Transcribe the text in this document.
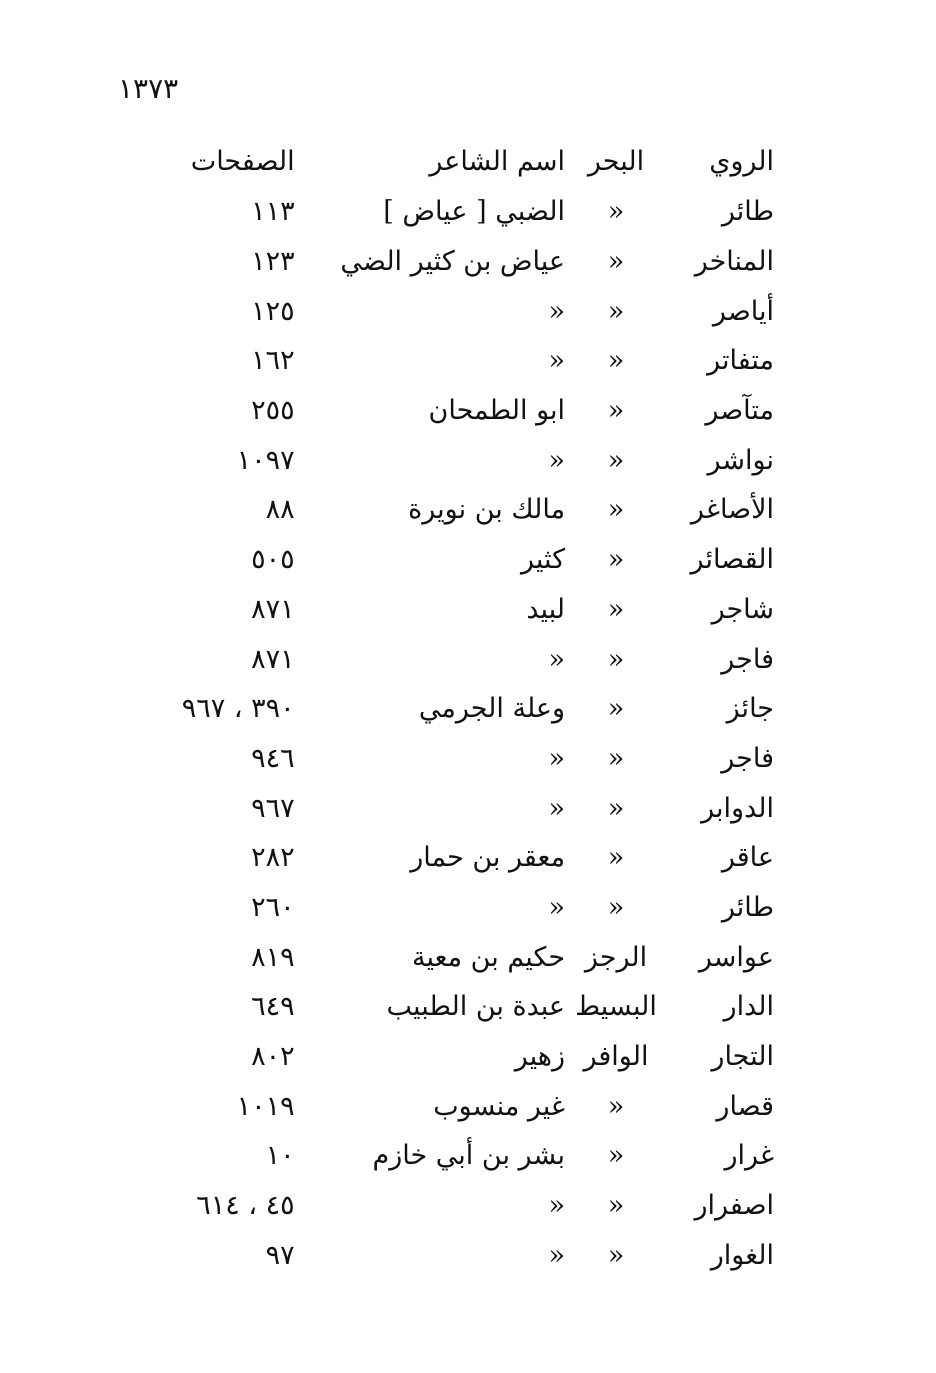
١٣٧٣
الروي	البحر	اسم الشاعر	الصفحات
طائر	«	الضبي [ عياض ]	١١٣
المناخر	«	عياض بن كثير الضي	١٢٣
أياصر	«	«	١٢٥
متفاتر	«	«	١٦٢
متآصر	«	ابو الطمحان	٢٥٥
نواشر	«	«	١٠٩٧
الأصاغر	«	مالك بن نويرة	٨٨
القصائر	«	كثير	٥٠٥
شاجر	«	لبيد	٨٧١
فاجر	«	«	٨٧١
جائز	«	وعلة الجرمي	٣٩٠ ، ٩٦٧
فاجر	«	«	٩٤٦
الدوابر	«	«	٩٦٧
عاقر	«	معقر بن حمار	٢٨٢
طائر	«	«	٢٦٠
عواسر	الرجز	حكيم بن معية	٨١٩
الدار	البسيط	عبدة بن الطبيب	٦٤٩
التجار	الوافر	زهير	٨٠٢
قصار	«	غير منسوب	١٠١٩
غرار	«	بشر بن أبي خازم	١٠
اصفرار	«	«	٤٥ ، ٦١٤
الغوار	«	«	٩٧
